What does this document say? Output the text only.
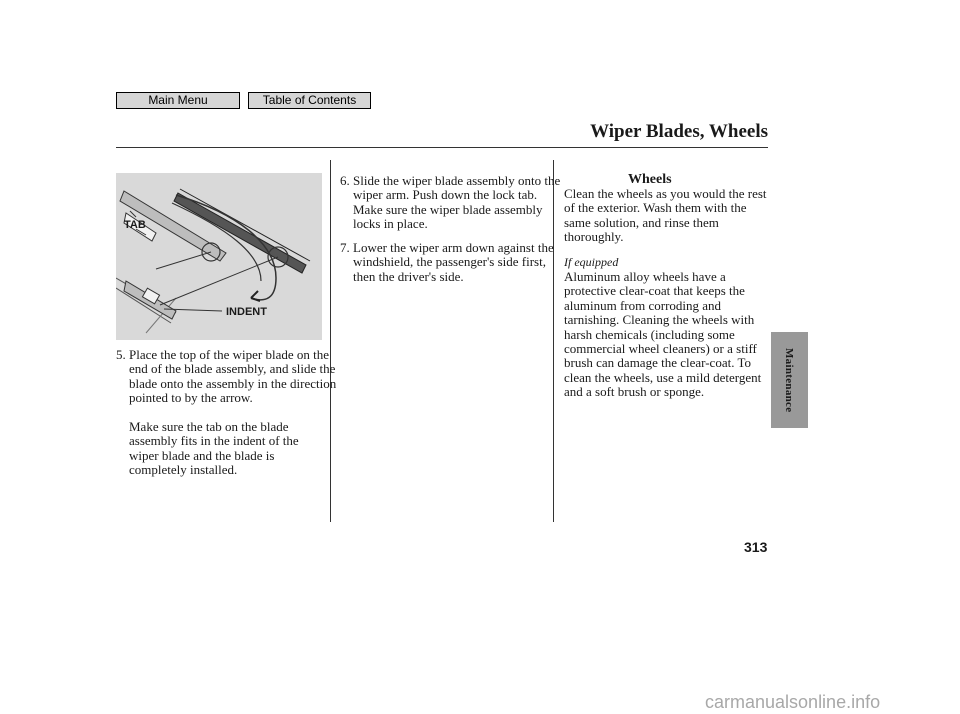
Main Menu	Table of Contents
Wiper Blades, Wheels
TAB
INDENT
5. Place the top of the wiper blade on the end of the blade assembly, and slide the blade onto the assembly in the direction pointed to by the arrow.
Make sure the tab on the blade assembly fits in the indent of the wiper blade and the blade is completely installed.
6. Slide the wiper blade assembly onto the wiper arm. Push down the lock tab. Make sure the wiper blade assembly locks in place.
7. Lower the wiper arm down against the windshield, the passenger's side first, then the driver's side.
Wheels
Clean the wheels as you would the rest of the exterior. Wash them with the same solution, and rinse them thoroughly.
If equipped
Aluminum alloy wheels have a protective clear-coat that keeps the aluminum from corroding and tarnishing. Cleaning the wheels with harsh chemicals (including some commercial wheel cleaners) or a stiff brush can damage the clear-coat. To clean the wheels, use a mild detergent and a soft brush or sponge.	Maintenance
313
carmanualsonline.info
